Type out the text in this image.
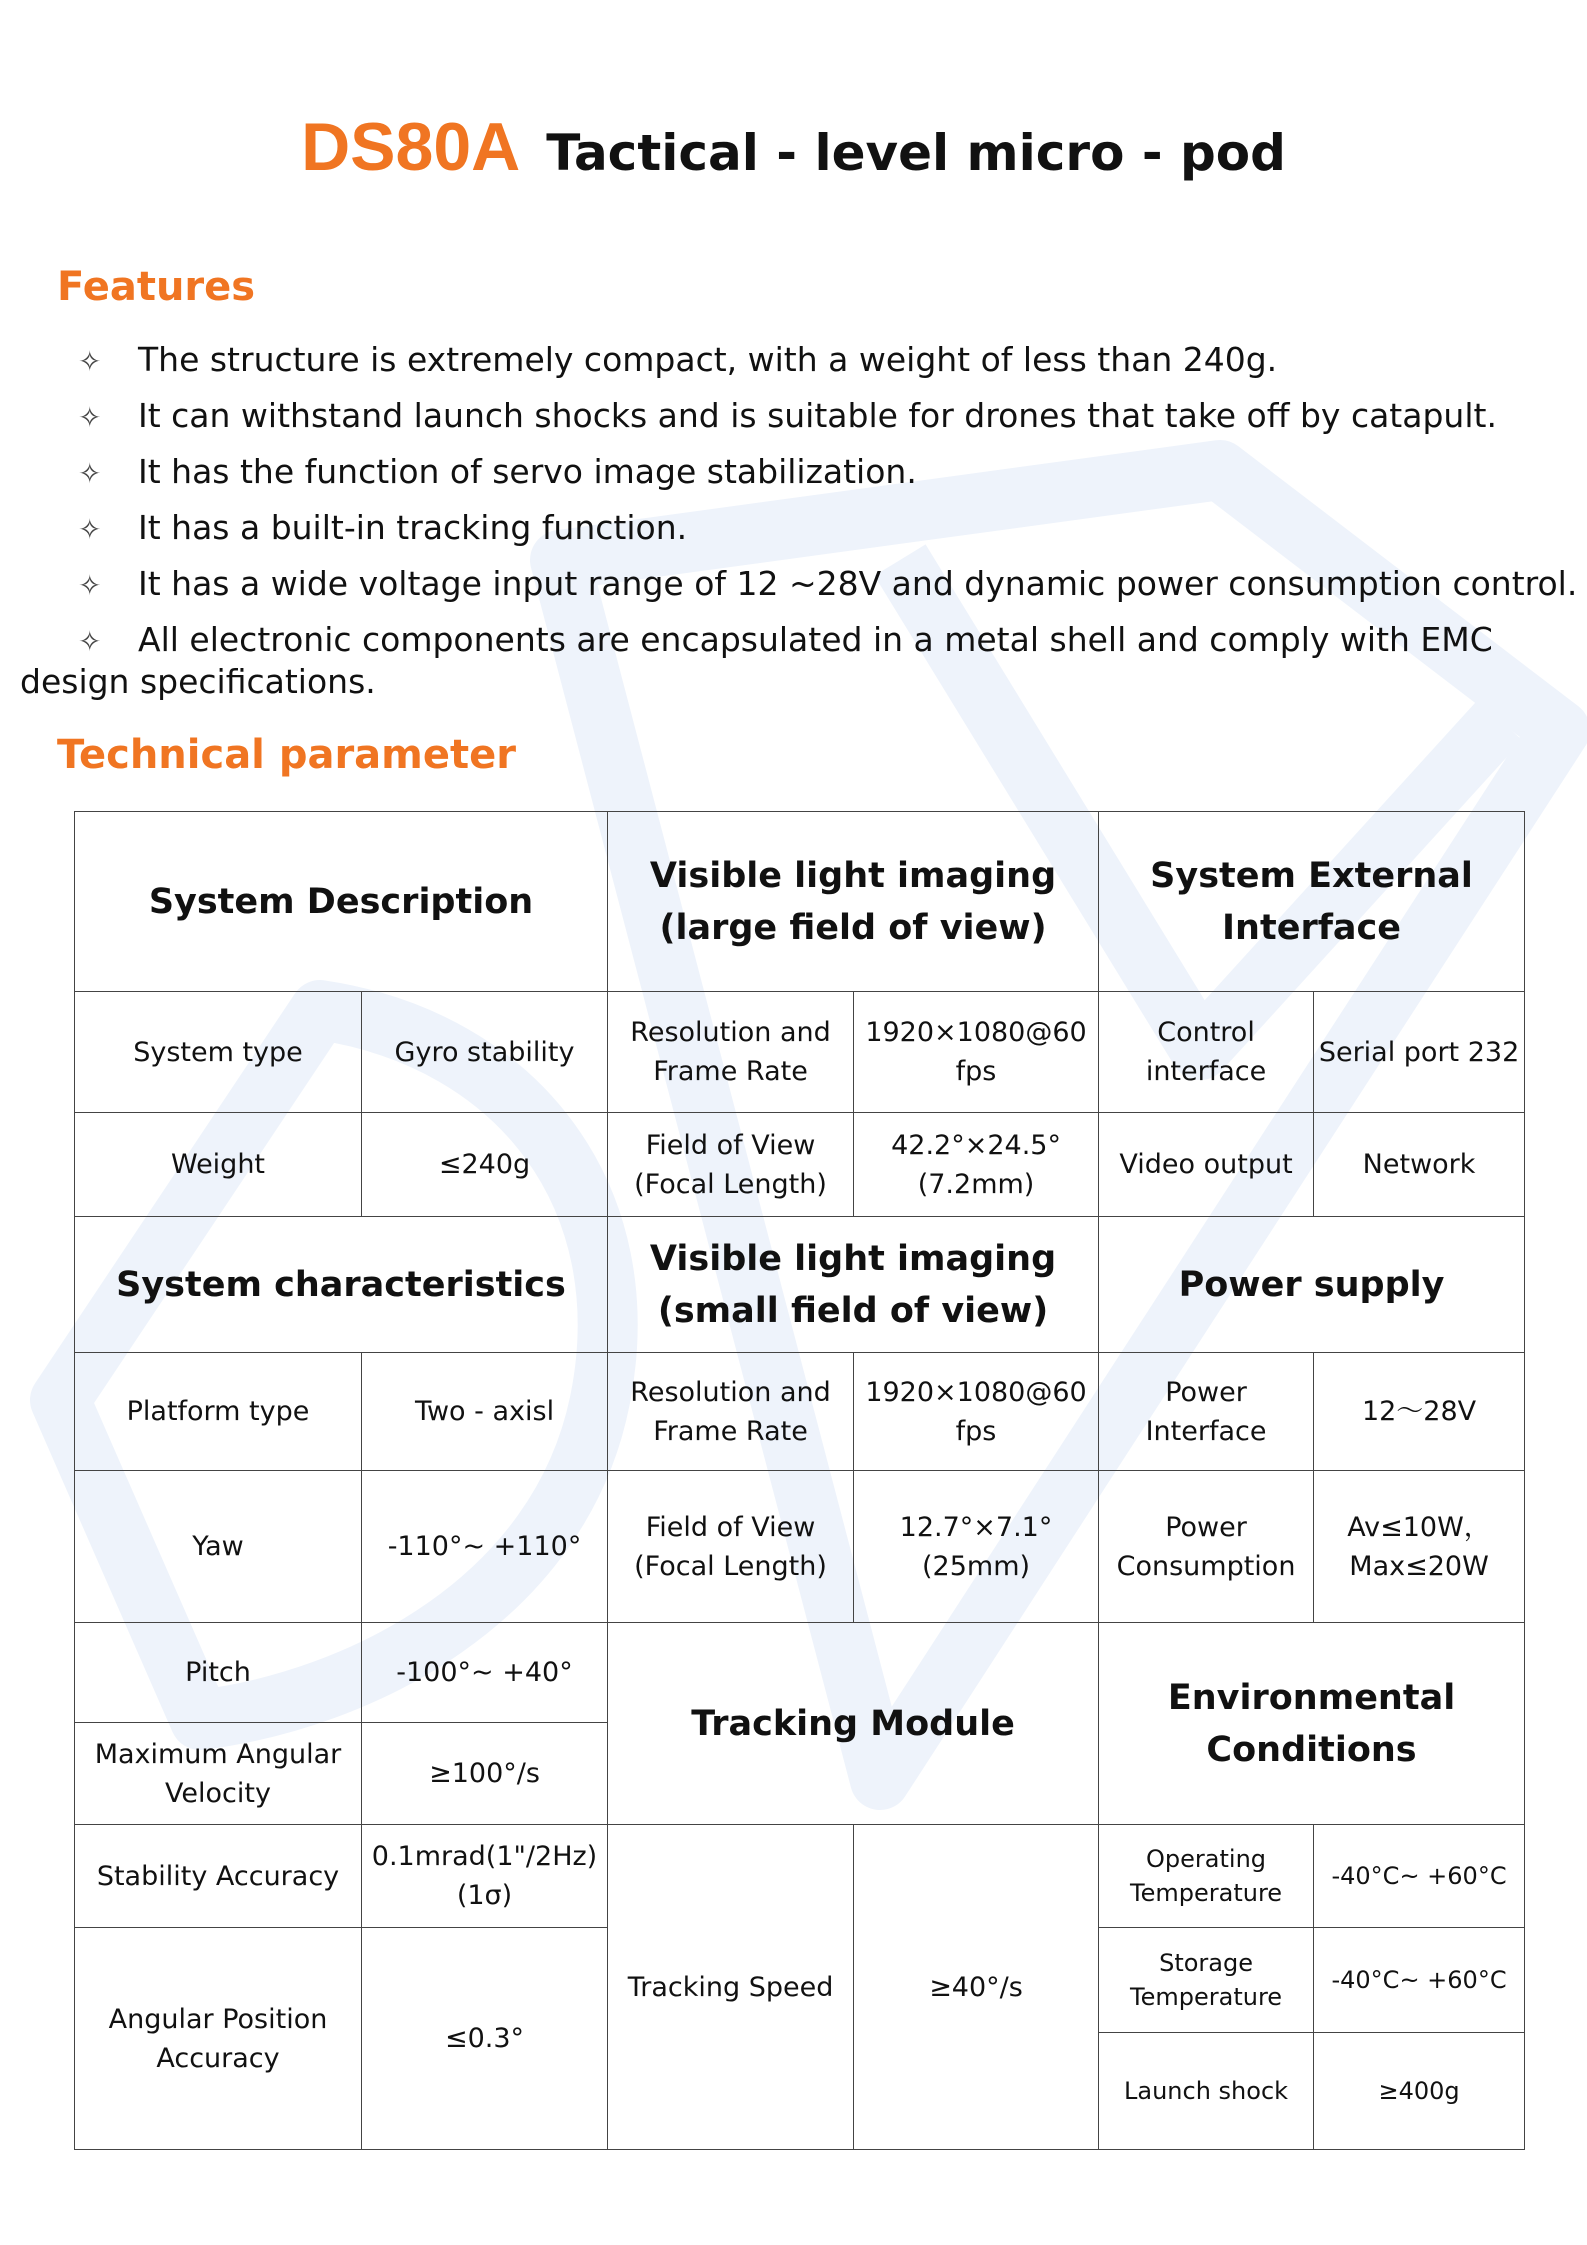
DS80A Tactical - level micro - pod
Features
✧ The structure is extremely compact, with a weight of less than 240g.
✧ It can withstand launch shocks and is suitable for drones that take off by catapult.
✧ It has the function of servo image stabilization.
✧ It has a built-in tracking function.
✧ It has a wide voltage input range of 12 ~28V and dynamic power consumption control.
✧ All electronic components are encapsulated in a metal shell and comply with EMC
design specifications.
Technical parameter
System Description		Visible light imaging (large field of view)		System External Interface	
System type	Gyro stability	Resolution and Frame Rate	1920×1080@60 fps	Control interface	Serial port 232
Weight	≤240g	Field of View (Focal Length)	42.2°×24.5° (7.2mm)	Video output	Network
System characteristics		Visible light imaging (small field of view)		Power supply	
Platform type	Two - axisl	Resolution and Frame Rate	1920×1080@60 fps	Power Interface	12～28V
Yaw	-110°~ +110°	Field of View (Focal Length)	12.7°×7.1° (25mm)	Power Consumption	Av≤10W，Max≤20W
Pitch	-100°~ +40°	Tracking Module		Environmental Conditions	
Maximum Angular Velocity	≥100°/s				
Stability Accuracy	0.1mrad(1"/2Hz)(1σ)	Tracking Speed	≥40°/s	Operating Temperature	-40°C~ +60°C
Angular Position Accuracy	≤0.3°			Storage Temperature	-40°C~ +60°C
				Launch shock	≥400g
